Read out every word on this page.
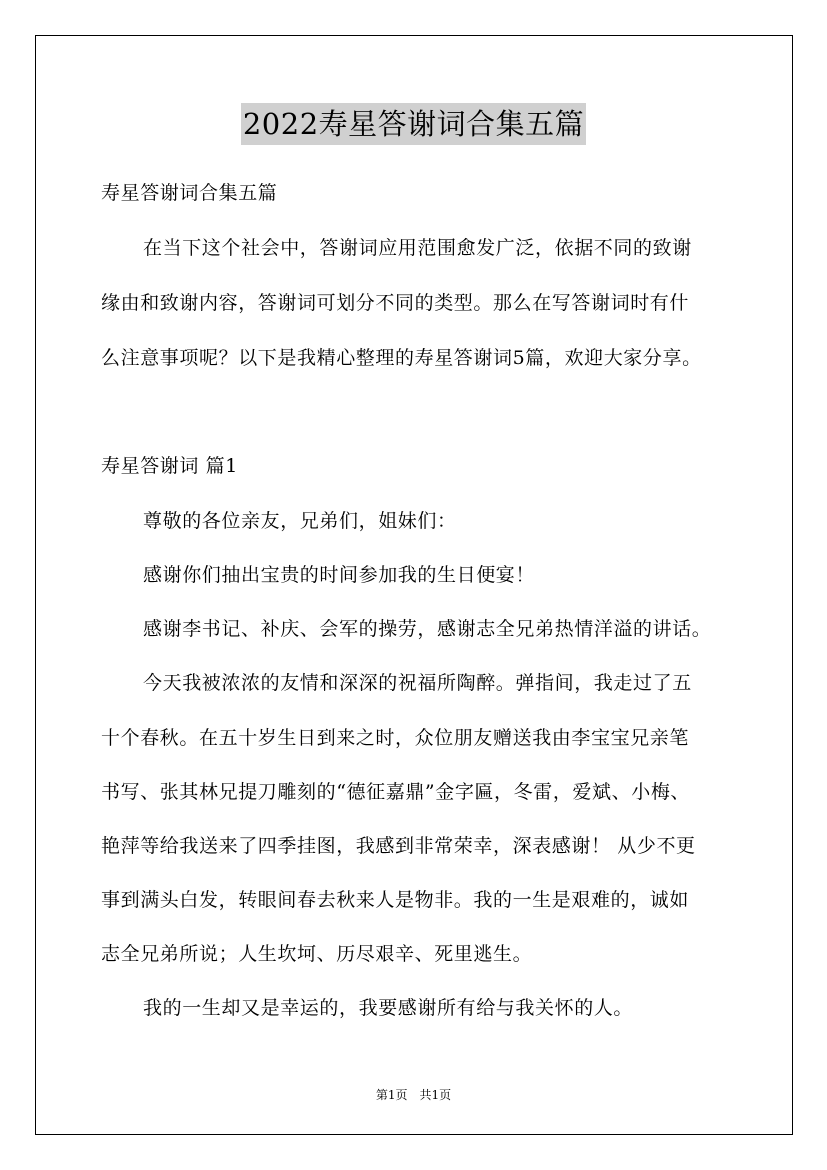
2022寿星答谢词合集五篇
寿星答谢词合集五篇
在当下这个社会中，答谢词应用范围愈发广泛，依据不同的致谢
缘由和致谢内容，答谢词可划分不同的类型。那么在写答谢词时有什
么注意事项呢？以下是我精心整理的寿星答谢词5篇，欢迎大家分享。
寿星答谢词 篇1
尊敬的各位亲友，兄弟们，姐妹们：
感谢你们抽出宝贵的时间参加我的生日便宴！
感谢李书记、补庆、会军的操劳，感谢志全兄弟热情洋溢的讲话。
今天我被浓浓的友情和深深的祝福所陶醉。弹指间，我走过了五
十个春秋。在五十岁生日到来之时，众位朋友赠送我由李宝宝兄亲笔
书写、张其林兄提刀雕刻的“德征嘉鼎”金字匾，冬雷，爱斌、小梅、
艳萍等给我送来了四季挂图，我感到非常荣幸，深表感谢！ 从少不更
事到满头白发，转眼间春去秋来人是物非。我的一生是艰难的，诚如
志全兄弟所说；人生坎坷、历尽艰辛、死里逃生。
我的一生却又是幸运的，我要感谢所有给与我关怀的人。
第1页　共1页
